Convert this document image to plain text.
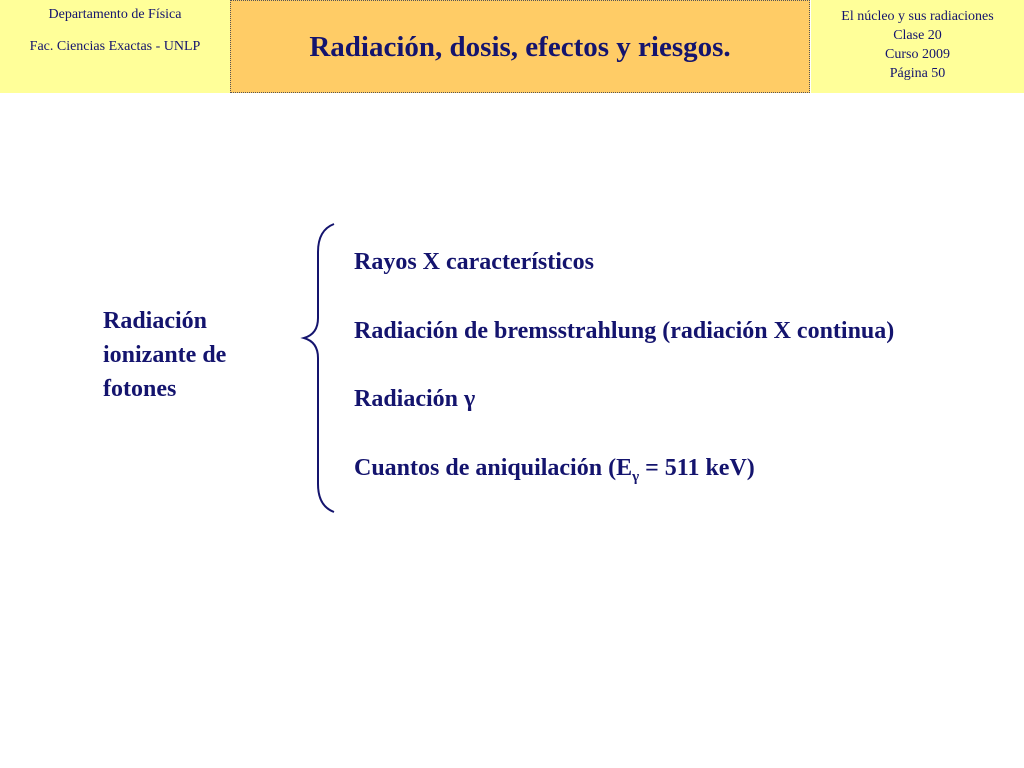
Departamento de Física
Fac. Ciencias Exactas - UNLP	Radiación, dosis, efectos y riesgos.
El núcleo y sus radiaciones
Clase 20
Curso 2009
Página 50
Radiación
ionizante de
fotones
Rayos X característicos
Radiación de bremsstrahlung (radiación X continua)
Radiación γ
Cuantos de aniquilación ($E_\gamma = 511$ keV)
